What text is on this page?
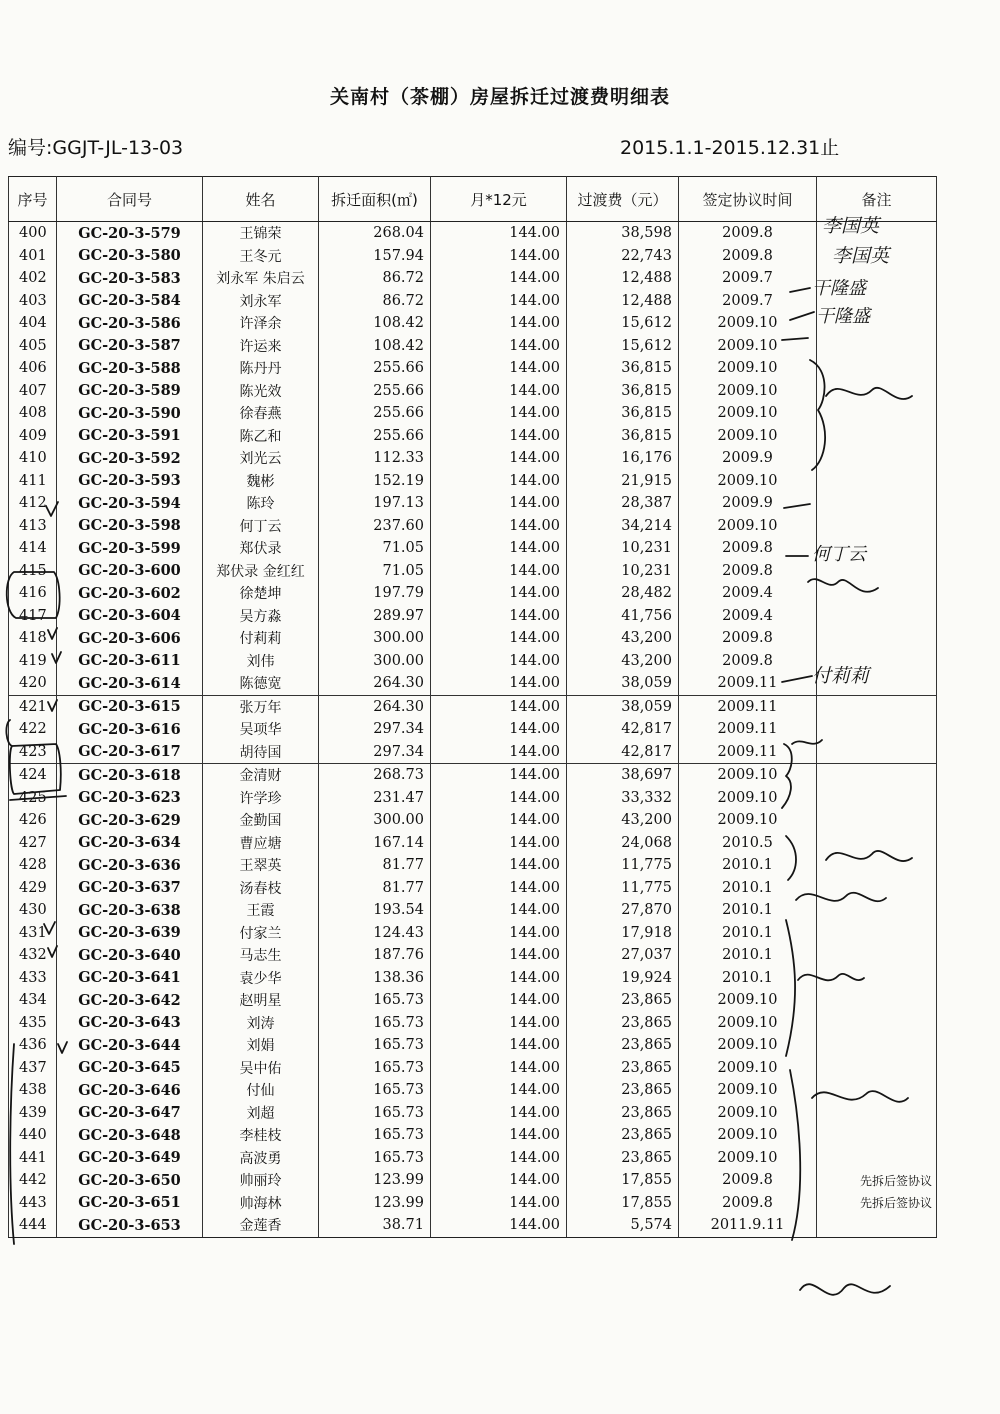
关南村（茶棚）房屋拆迁过渡费明细表
编号:GGJT-JL-13-03	2015.1.1-2015.12.31止
序号	合同号	姓名	拆迁面积(㎡)	月*12元	过渡费（元）	签定协议时间	备注
400	GC-20-3-579	王锦荣	268.04	144.00	38,598	2009.8	
401	GC-20-3-580	王冬元	157.94	144.00	22,743	2009.8	
402	GC-20-3-583	刘永军 朱启云	86.72	144.00	12,488	2009.7	
403	GC-20-3-584	刘永军	86.72	144.00	12,488	2009.7	
404	GC-20-3-586	许泽余	108.42	144.00	15,612	2009.10	
405	GC-20-3-587	许运来	108.42	144.00	15,612	2009.10	
406	GC-20-3-588	陈丹丹	255.66	144.00	36,815	2009.10	
407	GC-20-3-589	陈光效	255.66	144.00	36,815	2009.10	
408	GC-20-3-590	徐春燕	255.66	144.00	36,815	2009.10	
409	GC-20-3-591	陈乙和	255.66	144.00	36,815	2009.10	
410	GC-20-3-592	刘光云	112.33	144.00	16,176	2009.9	
411	GC-20-3-593	魏彬	152.19	144.00	21,915	2009.10	
412	GC-20-3-594	陈玲	197.13	144.00	28,387	2009.9	
413	GC-20-3-598	何丁云	237.60	144.00	34,214	2009.10	
414	GC-20-3-599	郑伏录	71.05	144.00	10,231	2009.8	
415	GC-20-3-600	郑伏录 金红红	71.05	144.00	10,231	2009.8	
416	GC-20-3-602	徐楚坤	197.79	144.00	28,482	2009.4	
417	GC-20-3-604	吴方淼	289.97	144.00	41,756	2009.4	
418	GC-20-3-606	付莉莉	300.00	144.00	43,200	2009.8	
419	GC-20-3-611	刘伟	300.00	144.00	43,200	2009.8	
420	GC-20-3-614	陈德宽	264.30	144.00	38,059	2009.11	
421	GC-20-3-615	张万年	264.30	144.00	38,059	2009.11	
422	GC-20-3-616	吴项华	297.34	144.00	42,817	2009.11	
423	GC-20-3-617	胡待国	297.34	144.00	42,817	2009.11	
424	GC-20-3-618	金清财	268.73	144.00	38,697	2009.10	
425	GC-20-3-623	许学珍	231.47	144.00	33,332	2009.10	
426	GC-20-3-629	金勤国	300.00	144.00	43,200	2009.10	
427	GC-20-3-634	曹应塘	167.14	144.00	24,068	2010.5	
428	GC-20-3-636	王翠英	81.77	144.00	11,775	2010.1	
429	GC-20-3-637	汤春枝	81.77	144.00	11,775	2010.1	
430	GC-20-3-638	王霞	193.54	144.00	27,870	2010.1	
431	GC-20-3-639	付家兰	124.43	144.00	17,918	2010.1	
432	GC-20-3-640	马志生	187.76	144.00	27,037	2010.1	
433	GC-20-3-641	袁少华	138.36	144.00	19,924	2010.1	
434	GC-20-3-642	赵明星	165.73	144.00	23,865	2009.10	
435	GC-20-3-643	刘涛	165.73	144.00	23,865	2009.10	
436	GC-20-3-644	刘娟	165.73	144.00	23,865	2009.10	
437	GC-20-3-645	吴中佑	165.73	144.00	23,865	2009.10	
438	GC-20-3-646	付仙	165.73	144.00	23,865	2009.10	
439	GC-20-3-647	刘超	165.73	144.00	23,865	2009.10	
440	GC-20-3-648	李桂枝	165.73	144.00	23,865	2009.10	
441	GC-20-3-649	高波勇	165.73	144.00	23,865	2009.10	
442	GC-20-3-650	帅丽玲	123.99	144.00	17,855	2009.8	先拆后签协议
443	GC-20-3-651	帅海林	123.99	144.00	17,855	2009.8	先拆后签协议
444	GC-20-3-653	金莲香	38.71	144.00	5,574	2011.9.11	
李国英
李国英
干隆盛
干隆盛
付莉莉
何丁云
